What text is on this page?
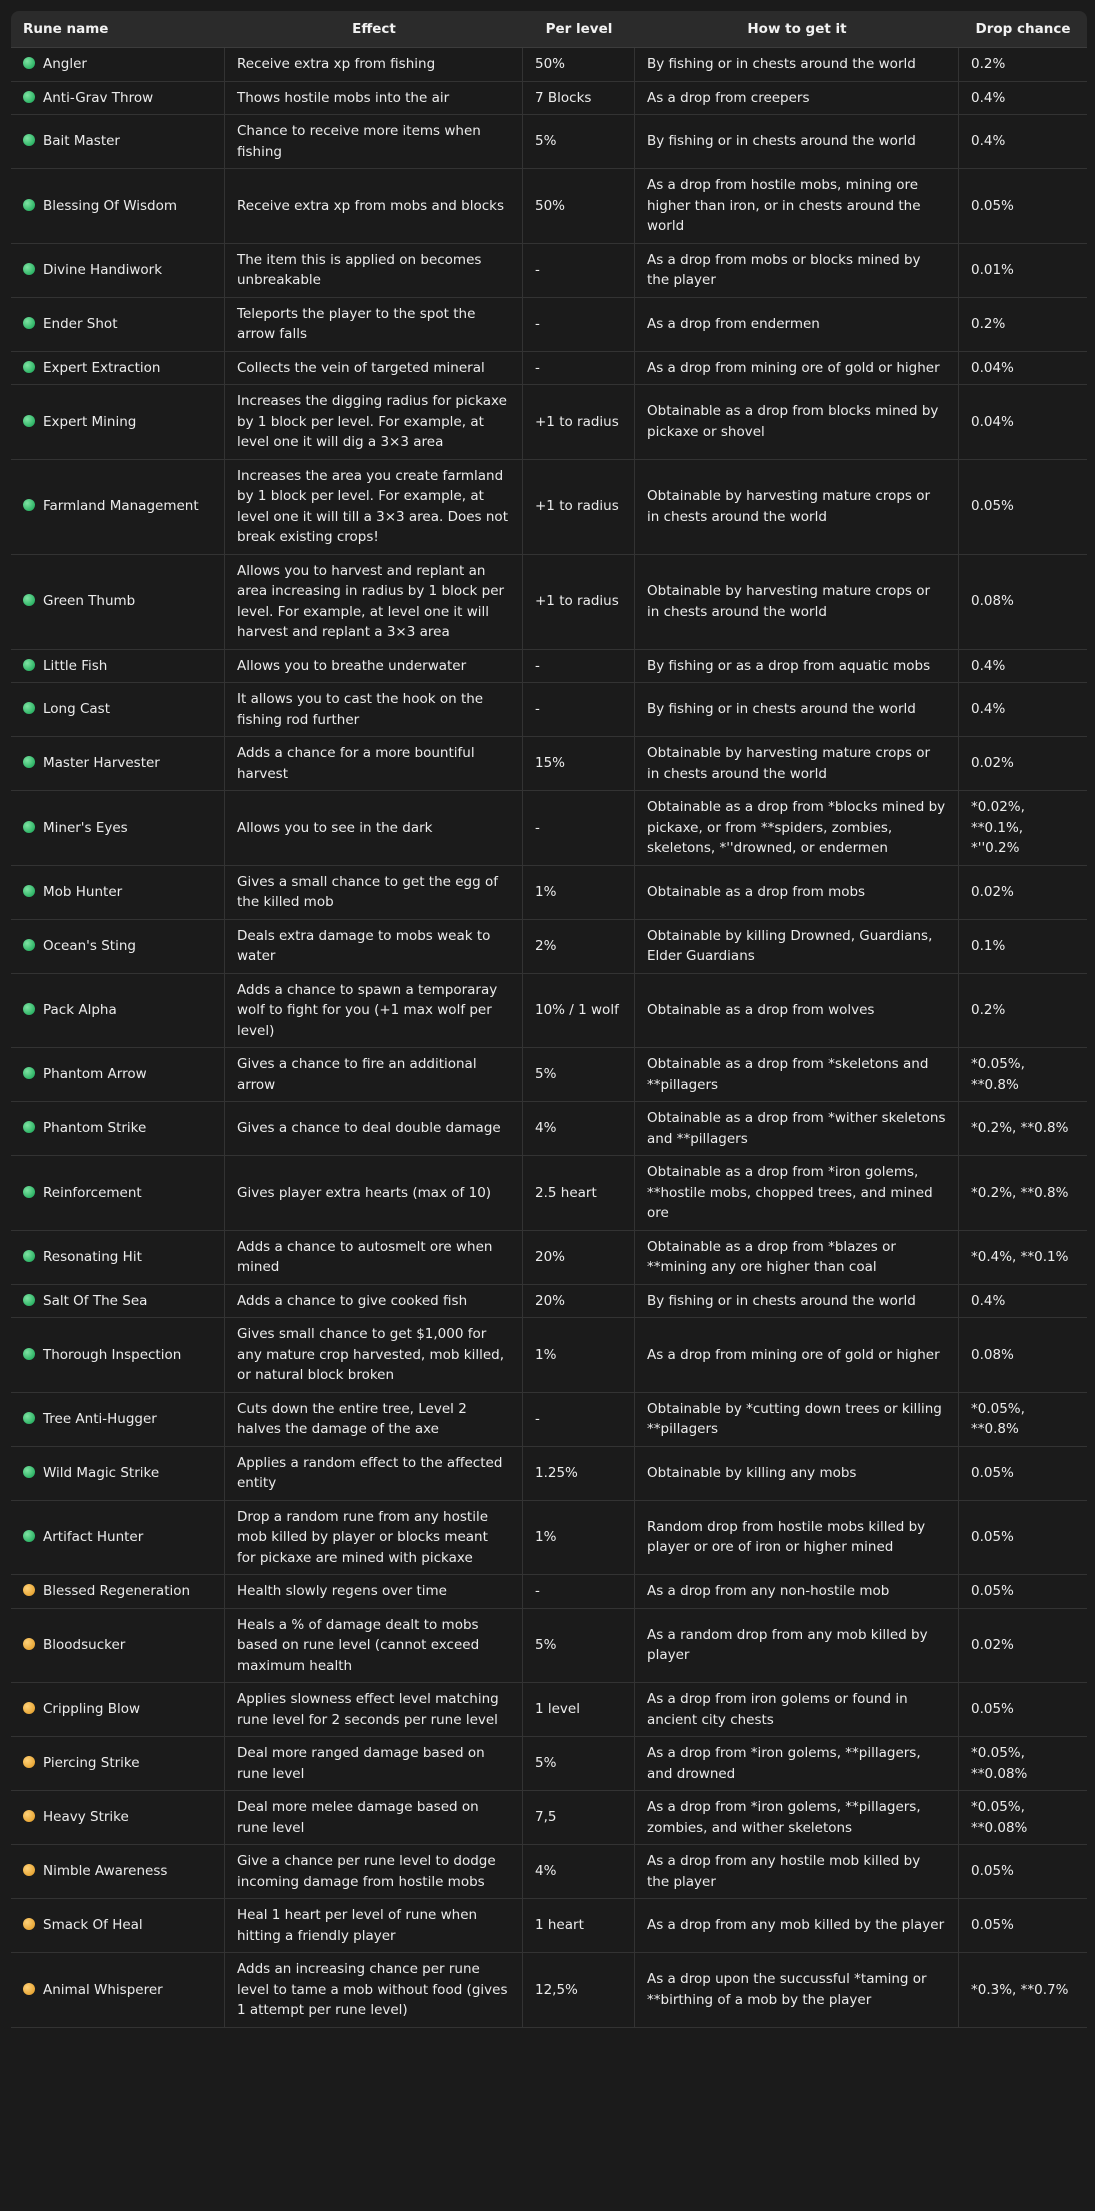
Rune name	Effect	Per level	How to get it	Drop chance
Angler	Receive extra xp from fishing	50%	By fishing or in chests around the world	0.2%
Anti-Grav Throw	Thows hostile mobs into the air	7 Blocks	As a drop from creepers	0.4%
Bait Master	Chance to receive more items when fishing	5%	By fishing or in chests around the world	0.4%
Blessing Of Wisdom	Receive extra xp from mobs and blocks	50%	As a drop from hostile mobs, mining ore higher than iron, or in chests around the world	0.05%
Divine Handiwork	The item this is applied on becomes unbreakable	-	As a drop from mobs or blocks mined by the player	0.01%
Ender Shot	Teleports the player to the spot the arrow falls	-	As a drop from endermen	0.2%
Expert Extraction	Collects the vein of targeted mineral	-	As a drop from mining ore of gold or higher	0.04%
Expert Mining	Increases the digging radius for pickaxe by 1 block per level. For example, at level one it will dig a 3×3 area	+1 to radius	Obtainable as a drop from blocks mined by pickaxe or shovel	0.04%
Farmland Management	Increases the area you create farmland by 1 block per level. For example, at level one it will till a 3×3 area. Does not break existing crops!	+1 to radius	Obtainable by harvesting mature crops or in chests around the world	0.05%
Green Thumb	Allows you to harvest and replant an area increasing in radius by 1 block per level. For example, at level one it will harvest and replant a 3×3 area	+1 to radius	Obtainable by harvesting mature crops or in chests around the world	0.08%
Little Fish	Allows you to breathe underwater	-	By fishing or as a drop from aquatic mobs	0.4%
Long Cast	It allows you to cast the hook on the fishing rod further	-	By fishing or in chests around the world	0.4%
Master Harvester	Adds a chance for a more bountiful harvest	15%	Obtainable by harvesting mature crops or in chests around the world	0.02%
Miner's Eyes	Allows you to see in the dark	-	Obtainable as a drop from *blocks mined by pickaxe, or from **spiders, zombies, skeletons, *''drowned, or endermen	*0.02%, **0.1%, *''0.2%
Mob Hunter	Gives a small chance to get the egg of the killed mob	1%	Obtainable as a drop from mobs	0.02%
Ocean's Sting	Deals extra damage to mobs weak to water	2%	Obtainable by killing Drowned, Guardians, Elder Guardians	0.1%
Pack Alpha	Adds a chance to spawn a temporaray wolf to fight for you (+1 max wolf per level)	10% / 1 wolf	Obtainable as a drop from wolves	0.2%
Phantom Arrow	Gives a chance to fire an additional arrow	5%	Obtainable as a drop from *skeletons and **pillagers	*0.05%, **0.8%
Phantom Strike	Gives a chance to deal double damage	4%	Obtainable as a drop from *wither skeletons and **pillagers	*0.2%, **0.8%
Reinforcement	Gives player extra hearts (max of 10)	2.5 heart	Obtainable as a drop from *iron golems, **hostile mobs, chopped trees, and mined ore	*0.2%, **0.8%
Resonating Hit	Adds a chance to autosmelt ore when mined	20%	Obtainable as a drop from *blazes or **mining any ore higher than coal	*0.4%, **0.1%
Salt Of The Sea	Adds a chance to give cooked fish	20%	By fishing or in chests around the world	0.4%
Thorough Inspection	Gives small chance to get $1,000 for any mature crop harvested, mob killed, or natural block broken	1%	As a drop from mining ore of gold or higher	0.08%
Tree Anti-Hugger	Cuts down the entire tree, Level 2 halves the damage of the axe	-	Obtainable by *cutting down trees or killing **pillagers	*0.05%, **0.8%
Wild Magic Strike	Applies a random effect to the affected entity	1.25%	Obtainable by killing any mobs	0.05%
Artifact Hunter	Drop a random rune from any hostile mob killed by player or blocks meant for pickaxe are mined with pickaxe	1%	Random drop from hostile mobs killed by player or ore of iron or higher mined	0.05%
Blessed Regeneration	Health slowly regens over time	-	As a drop from any non-hostile mob	0.05%
Bloodsucker	Heals a % of damage dealt to mobs based on rune level (cannot exceed maximum health	5%	As a random drop from any mob killed by player	0.02%
Crippling Blow	Applies slowness effect level matching rune level for 2 seconds per rune level	1 level	As a drop from iron golems or found in ancient city chests	0.05%
Piercing Strike	Deal more ranged damage based on rune level	5%	As a drop from *iron golems, **pillagers, and drowned	*0.05%, **0.08%
Heavy Strike	Deal more melee damage based on rune level	7,5	As a drop from *iron golems, **pillagers, zombies, and wither skeletons	*0.05%, **0.08%
Nimble Awareness	Give a chance per rune level to dodge incoming damage from hostile mobs	4%	As a drop from any hostile mob killed by the player	0.05%
Smack Of Heal	Heal 1 heart per level of rune when hitting a friendly player	1 heart	As a drop from any mob killed by the player	0.05%
Animal Whisperer	Adds an increasing chance per rune level to tame a mob without food (gives 1 attempt per rune level)	12,5%	As a drop upon the succussful *taming or **birthing of a mob by the player	*0.3%, **0.7%
